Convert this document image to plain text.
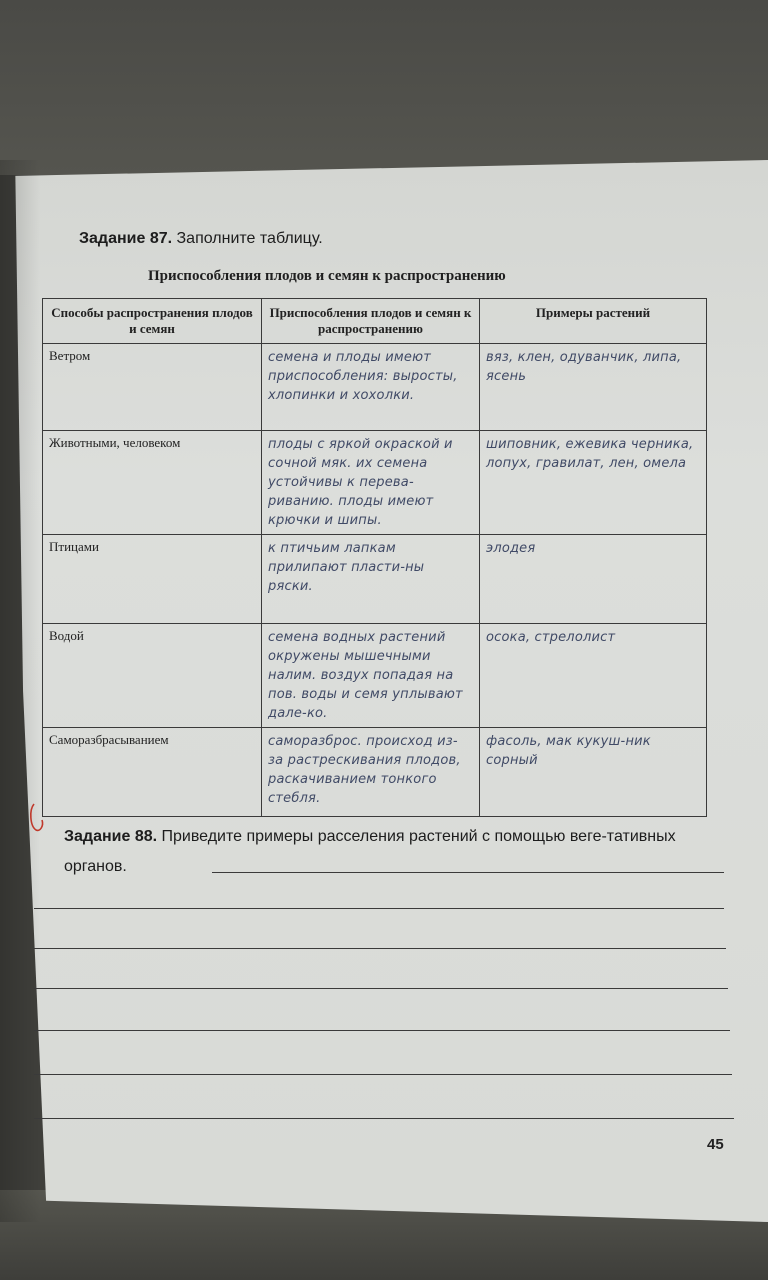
Задание 87. Заполните таблицу.
Приспособления плодов и семян к распространению
Способы распространения плодов и семян	Приспособления плодов и семян к распространению	Примеры растений
Ветром	семена и плоды имеют приспособления: выросты, хлопинки и хохолки.	вяз, клен, одуванчик, липа, ясень
Животными, человеком	плоды с яркой окраской и сочной мяк. их семена устойчивы к перева-риванию. плоды имеют крючки и шипы.	шиповник, ежевика черника, лопух, гравилат, лен, омела
Птицами	к птичьим лапкам прилипают пласти-ны ряски.	элодея
Водой	семена водных растений окружены мышечными налим. воздух попадая на пов. воды и семя уплывают дале-ко.	осока, стрелолист
Саморазбрасыванием	саморазброс. происход из-за растрескивания плодов, раскачиванием тонкого стебля.	фасоль, мак кукуш-ник сорный
Задание 88. Приведите примеры расселения растений с помощью веге-тативных органов.
45
